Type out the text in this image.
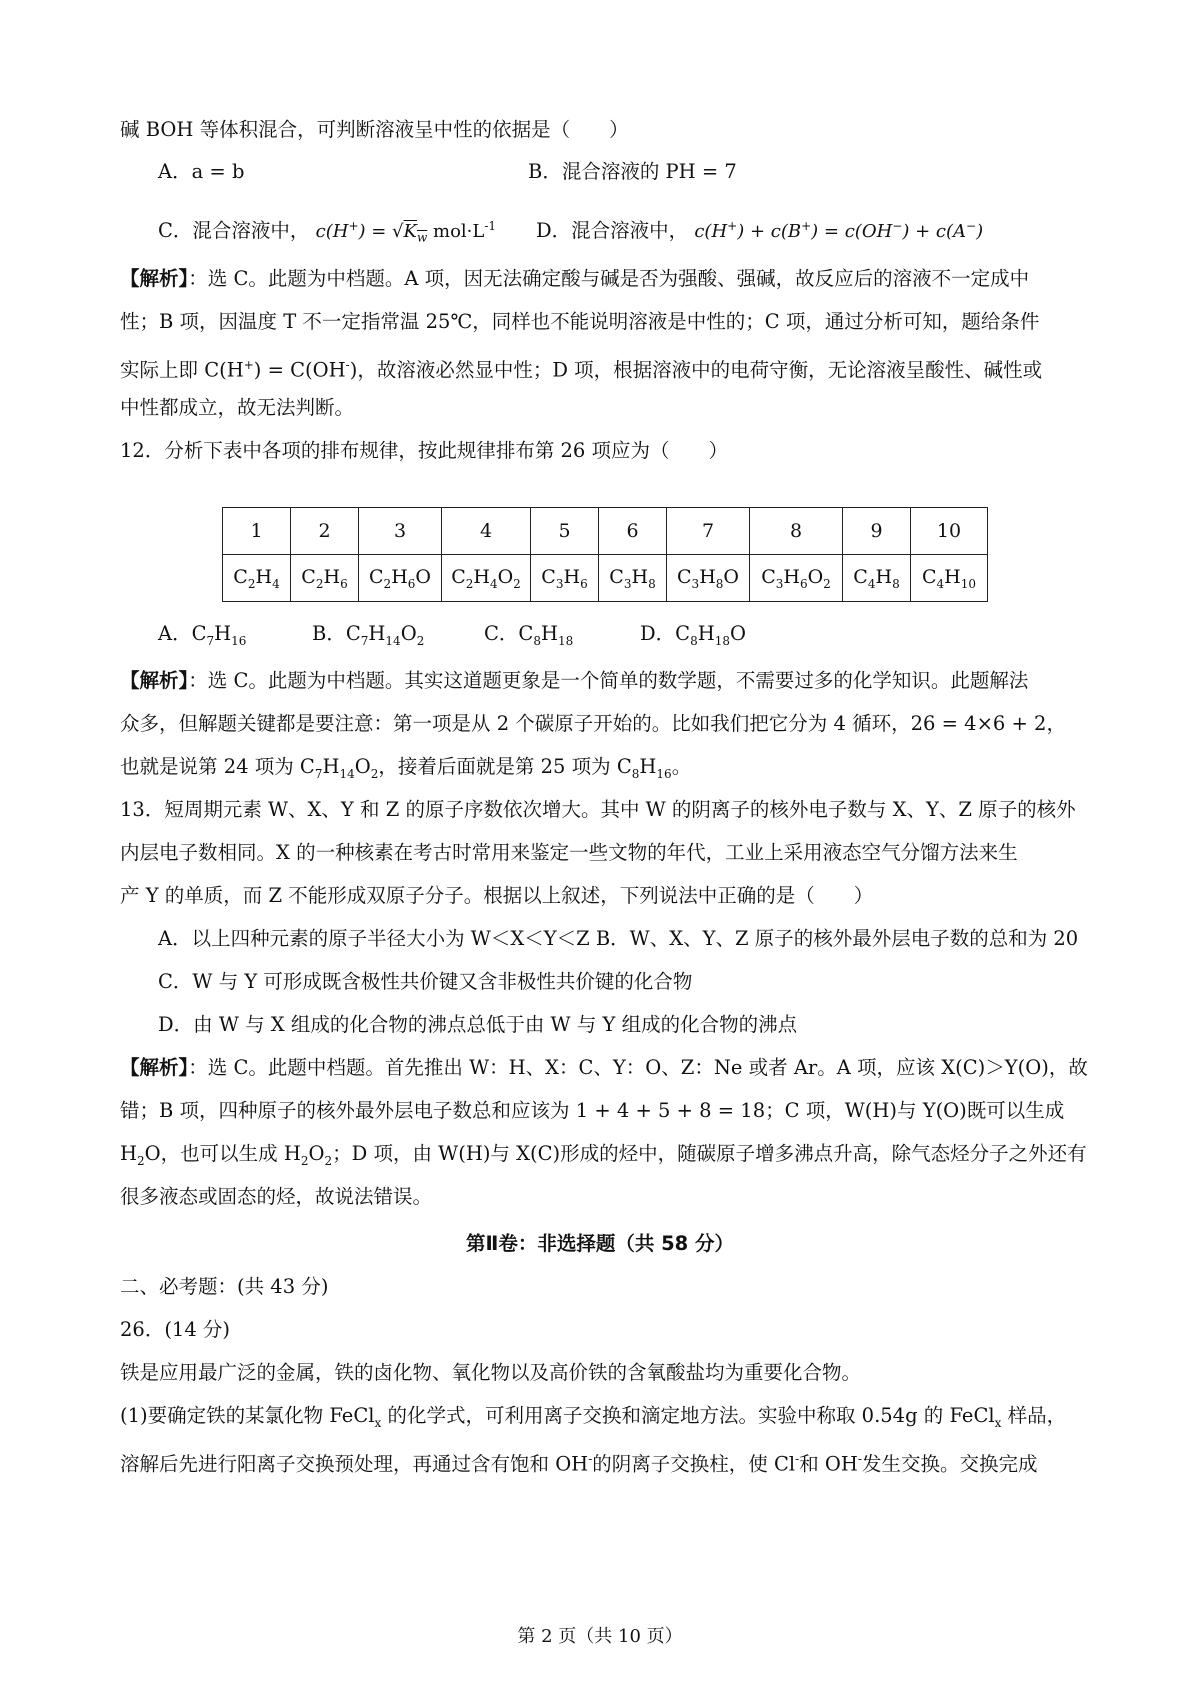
碱 BOH 等体积混合，可判断溶液呈中性的依据是（　　）
A．a = b	B．混合溶液的 PH = 7
C．混合溶液中， $c(H^+) = √K_w$ $mol\cdot L^{-1}$ D．混合溶液中， c(H+) + c(B+) = c(OH−) + c(A−)
【解析】：选 C。此题为中档题。A 项，因无法确定酸与碱是否为强酸、强碱，故反应后的溶液不一定成中
性；B 项，因温度 T 不一定指常温 25℃，同样也不能说明溶液是中性的；C 项，通过分析可知，题给条件
实际上即 C(H+) = C(OH-)，故溶液必然显中性；D 项，根据溶液中的电荷守衡，无论溶液呈酸性、碱性或
中性都成立，故无法判断。
12．分析下表中各项的排布规律，按此规律排布第 26 项应为（　　）
1	2	3	4	5	6	7	8	9	10
$C_2H_4$	$C_2H_6$	$C_2H_6O$	$C_2H_4O_2$	$C_3H_6$	$C_3H_8$	$C_3H_8O$	$C_3H_6O_2$	$C_4H_8$	$C_4H_{10}$
A．$C_7H_{16}$	B．$C_7H_{14}O_2$	C．$C_8H_{18}$	D．$C_8H_{18}O$
【解析】：选 C。此题为中档题。其实这道题更象是一个简单的数学题，不需要过多的化学知识。此题解法
众多，但解题关键都是要注意：第一项是从 2 个碳原子开始的。比如我们把它分为 4 循环，26 = 4×6 + 2，
也就是说第 24 项为 $C_7H_{14}O_2$，接着后面就是第 25 项为 $C_8H_{16}$。
13．短周期元素 W、X、Y 和 Z 的原子序数依次增大。其中 W 的阴离子的核外电子数与 X、Y、Z 原子的核外
内层电子数相同。X 的一种核素在考古时常用来鉴定一些文物的年代，工业上采用液态空气分馏方法来生
产 Y 的单质，而 Z 不能形成双原子分子。根据以上叙述，下列说法中正确的是（　　）
A．以上四种元素的原子半径大小为 W＜X＜Y＜Z B．W、X、Y、Z 原子的核外最外层电子数的总和为 20
C．W 与 Y 可形成既含极性共价键又含非极性共价键的化合物
D．由 W 与 X 组成的化合物的沸点总低于由 W 与 Y 组成的化合物的沸点
【解析】：选 C。此题中档题。首先推出 W：H、X：C、Y：O、Z：Ne 或者 Ar。A 项，应该 X(C)＞Y(O)，故
错；B 项，四种原子的核外最外层电子数总和应该为 1 + 4 + 5 + 8 = 18；C 项，W(H)与 Y(O)既可以生成
$H_2O$，也可以生成 $H_2O_2$；D 项，由 W(H)与 X(C)形成的烃中，随碳原子增多沸点升高，除气态烃分子之外还有
很多液态或固态的烃，故说法错误。
第Ⅱ卷：非选择题（共 58 分）
二、必考题：(共 43 分)
26．(14 分)
铁是应用最广泛的金属，铁的卤化物、氧化物以及高价铁的含氧酸盐均为重要化合物。
(1)要确定铁的某氯化物 FeCl$_x$ 的化学式，可利用离子交换和滴定地方法。实验中称取 0.54g 的 FeCl$_x$ 样品，
溶解后先进行阳离子交换预处理，再通过含有饱和 OH-的阴离子交换柱，使 Cl-和 OH-发生交换。交换完成
第 2 页（共 10 页）
